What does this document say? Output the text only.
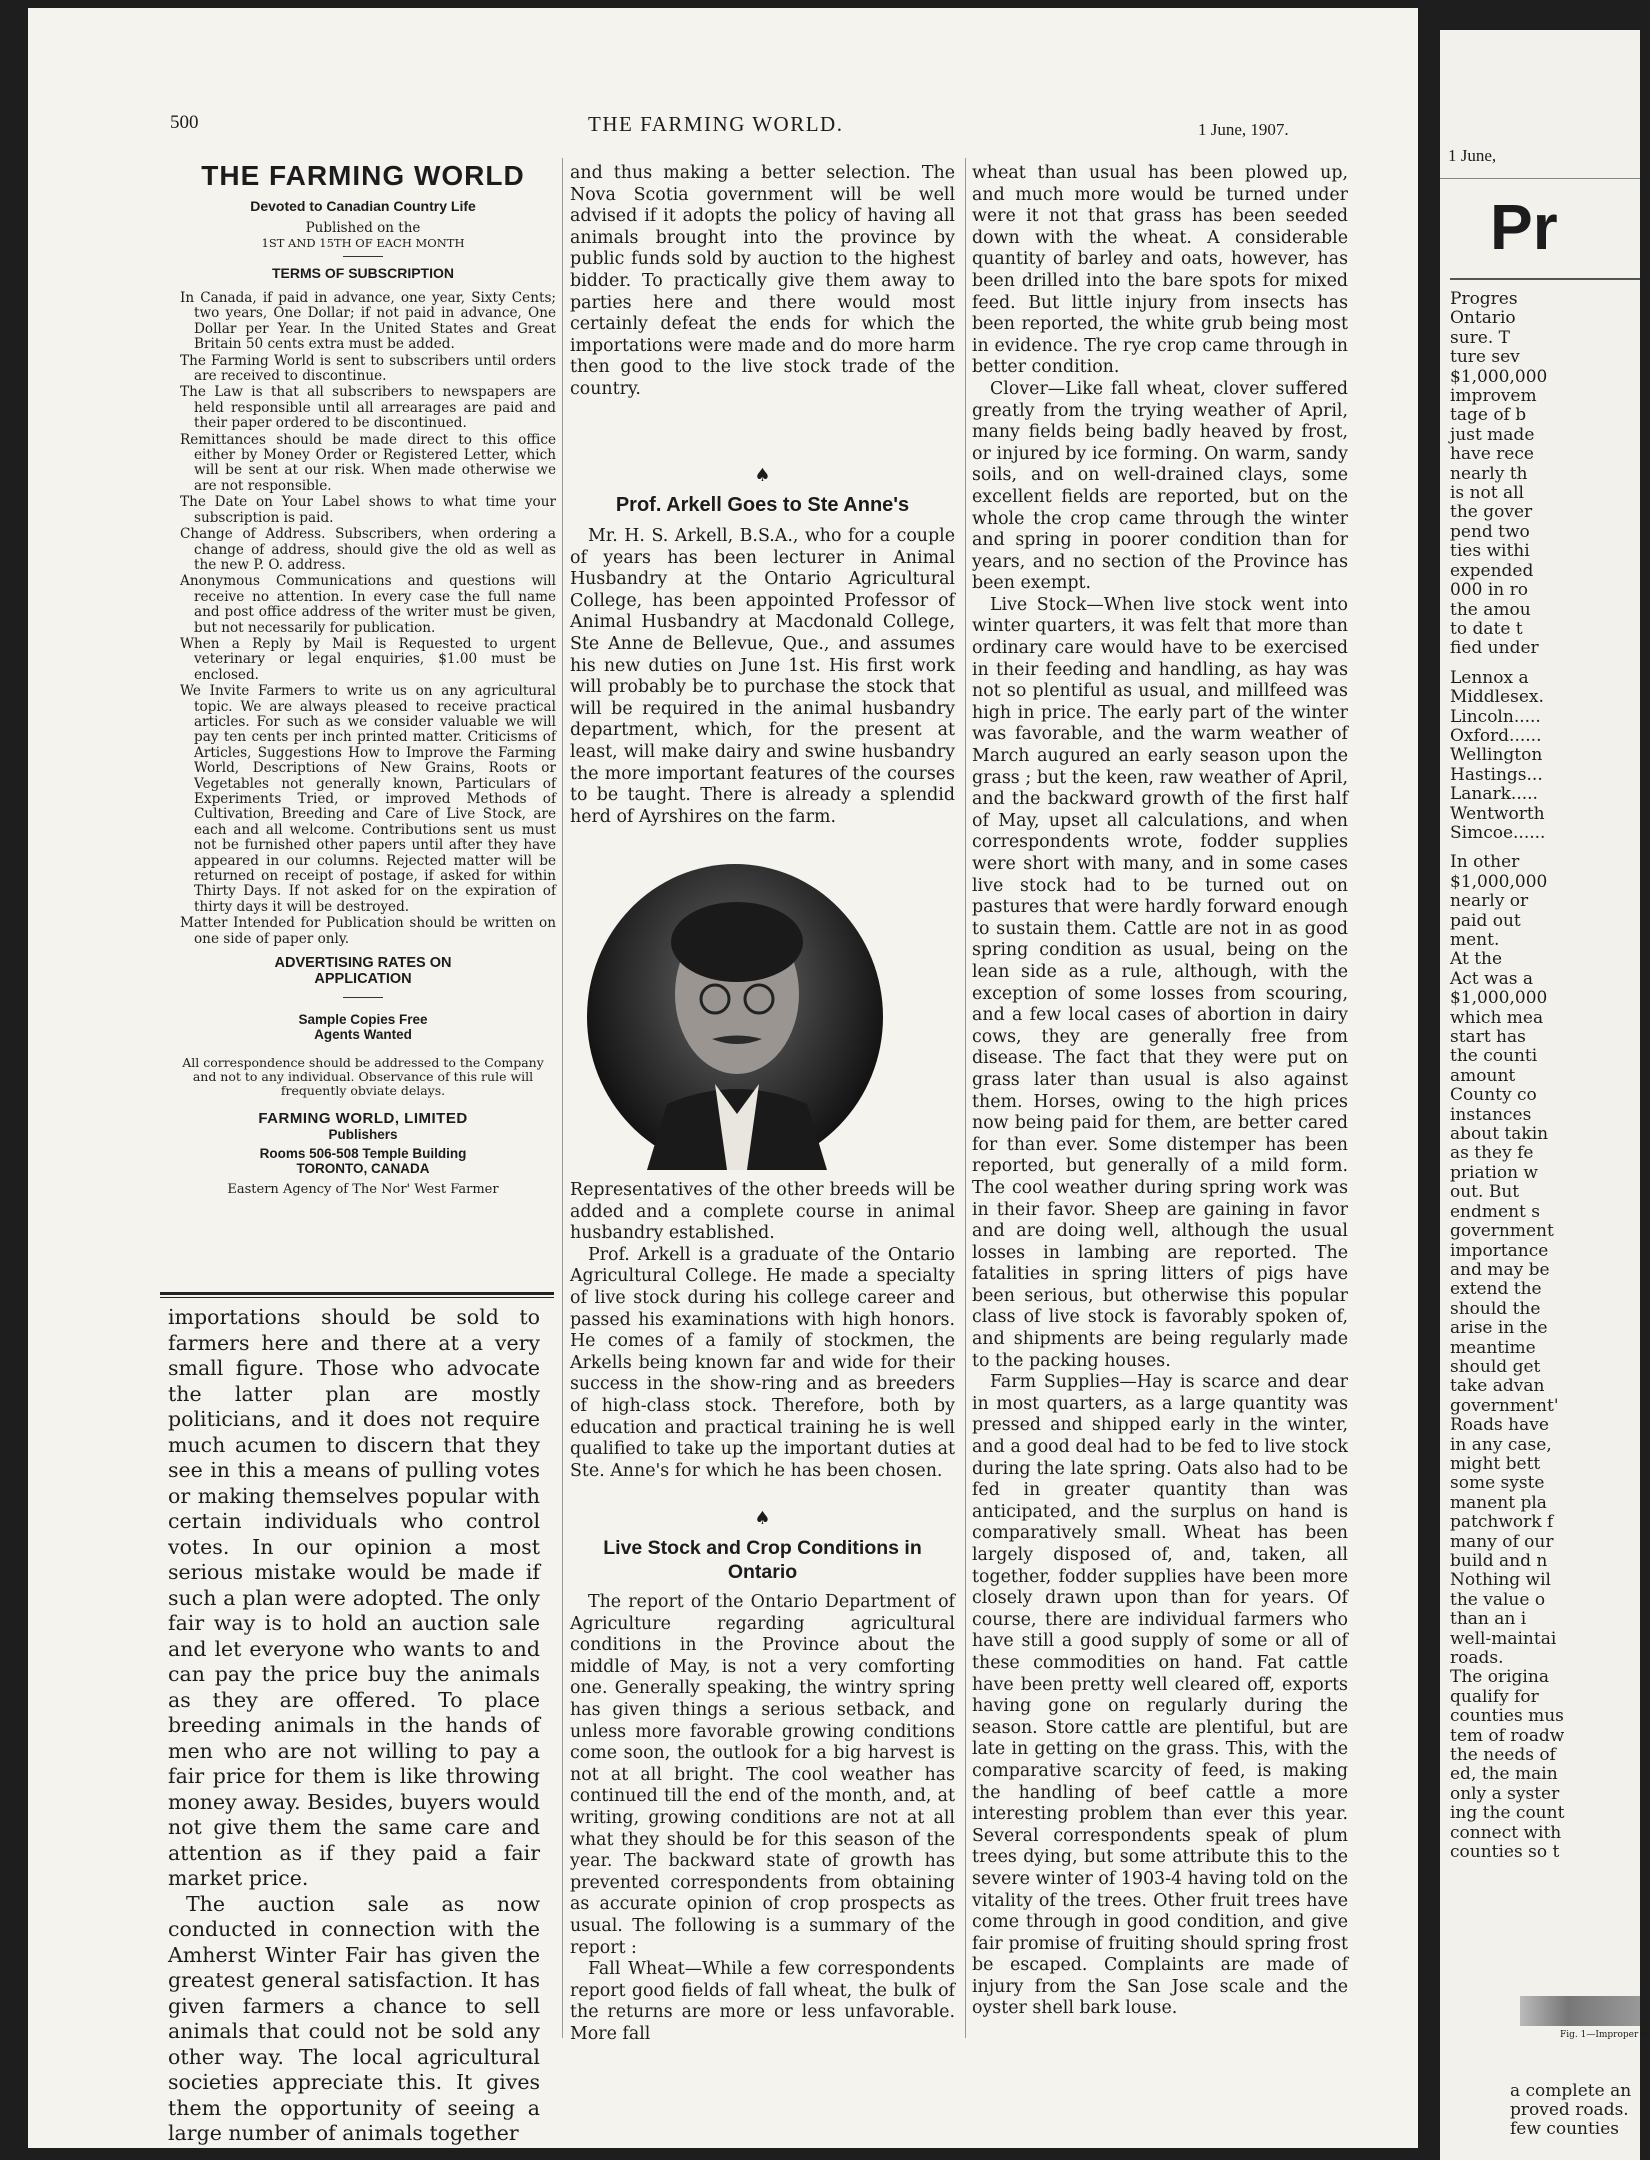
500	THE FARMING WORLD.	1 June, 1907.
THE FARMING WORLD
Devoted to Canadian Country Life
Published on the
1ST AND 15TH OF EACH MONTH
TERMS OF SUBSCRIPTION

In Canada, if paid in advance, one year, Sixty Cents; two years, One Dollar; if not paid in advance, One Dollar per Year. In the United States and Great Britain 50 cents extra must be added.

The Farming World is sent to subscribers until orders are received to discontinue.

The Law is that all subscribers to newspapers are held responsible until all arrearages are paid and their paper ordered to be discontinued.

Remittances should be made direct to this office either by Money Order or Registered Letter, which will be sent at our risk. When made otherwise we are not responsible.

The Date on Your Label shows to what time your subscription is paid.

Change of Address. Subscribers, when ordering a change of address, should give the old as well as the new P. O. address.

Anonymous Communications and questions will receive no attention. In every case the full name and post office address of the writer must be given, but not necessarily for publication.

When a Reply by Mail is Requested to urgent veterinary or legal enquiries, $1.00 must be enclosed.

We Invite Farmers to write us on any agricultural topic. We are always pleased to receive practical articles. For such as we consider valuable we will pay ten cents per inch printed matter. Criticisms of Articles, Suggestions How to Improve the Farming World, Descriptions of New Grains, Roots or Vegetables not generally known, Particulars of Experiments Tried, or improved Methods of Cultivation, Breeding and Care of Live Stock, are each and all welcome. Contributions sent us must not be furnished other papers until after they have appeared in our columns. Rejected matter will be returned on receipt of postage, if asked for within Thirty Days. If not asked for on the expiration of thirty days it will be destroyed.

Matter Intended for Publication should be written on one side of paper only.

ADVERTISING RATES ON
APPLICATION
Sample Copies Free
Agents Wanted
All correspondence should be addressed to the Company and not to any individual. Observance of this rule will frequently obviate delays.
FARMING WORLD, LIMITED
Publishers
Rooms 506-508 Temple Building
TORONTO, CANADA
Eastern Agency of The Nor' West Farmer

importations should be sold to farmers here and there at a very small figure. Those who advocate the latter plan are mostly politicians, and it does not require much acumen to discern that they see in this a means of pulling votes or making themselves popular with certain individuals who control votes. In our opinion a most serious mistake would be made if such a plan were adopted. The only fair way is to hold an auction sale and let everyone who wants to and can pay the price buy the animals as they are offered. To place breeding animals in the hands of men who are not willing to pay a fair price for them is like throwing money away. Besides, buyers would not give them the same care and attention as if they paid a fair market price.

The auction sale as now conducted in connection with the Amherst Winter Fair has given the greatest general satisfaction. It has given farmers a chance to sell animals that could not be sold any other way. The local agricultural societies appreciate this. It gives them the opportunity of seeing a large number of animals together

and thus making a better selection. The Nova Scotia government will be well advised if it adopts the policy of having all animals brought into the province by public funds sold by auction to the highest bidder. To practically give them away to parties here and there would most certainly defeat the ends for which the importations were made and do more harm then good to the live stock trade of the country.

♠
Prof. Arkell Goes to Ste Anne's

Mr. H. S. Arkell, B.S.A., who for a couple of years has been lecturer in Animal Husbandry at the Ontario Agricultural College, has been appointed Professor of Animal Husbandry at Macdonald College, Ste Anne de Bellevue, Que., and assumes his new duties on June 1st. His first work will probably be to purchase the stock that will be required in the animal husbandry department, which, for the present at least, will make dairy and swine husbandry the more important features of the courses to be taught. There is already a splendid herd of Ayrshires on the farm.

Representatives of the other breeds will be added and a complete course in animal husbandry established.

Prof. Arkell is a graduate of the Ontario Agricultural College. He made a specialty of live stock during his college career and passed his examinations with high honors. He comes of a family of stockmen, the Arkells being known far and wide for their success in the show-ring and as breeders of high-class stock. Therefore, both by education and practical training he is well qualified to take up the important duties at Ste. Anne's for which he has been chosen.

♠
Live Stock and Crop Conditions in
Ontario

The report of the Ontario Department of Agriculture regarding agricultural conditions in the Province about the middle of May, is not a very comforting one. Generally speaking, the wintry spring has given things a serious setback, and unless more favorable growing conditions come soon, the outlook for a big harvest is not at all bright. The cool weather has continued till the end of the month, and, at writing, growing conditions are not at all what they should be for this season of the year. The backward state of growth has prevented correspondents from obtaining as accurate opinion of crop prospects as usual. The following is a summary of the report :

Fall Wheat—While a few correspondents report good fields of fall wheat, the bulk of the returns are more or less unfavorable. More fall

wheat than usual has been plowed up, and much more would be turned under were it not that grass has been seeded down with the wheat. A considerable quantity of barley and oats, however, has been drilled into the bare spots for mixed feed. But little injury from insects has been reported, the white grub being most in evidence. The rye crop came through in better condition.

Clover—Like fall wheat, clover suffered greatly from the trying weather of April, many fields being badly heaved by frost, or injured by ice forming. On warm, sandy soils, and on well-drained clays, some excellent fields are reported, but on the whole the crop came through the winter and spring in poorer condition than for years, and no section of the Province has been exempt.

Live Stock—When live stock went into winter quarters, it was felt that more than ordinary care would have to be exercised in their feeding and handling, as hay was not so plentiful as usual, and millfeed was high in price. The early part of the winter was favorable, and the warm weather of March augured an early season upon the grass ; but the keen, raw weather of April, and the backward growth of the first half of May, upset all calculations, and when correspondents wrote, fodder supplies were short with many, and in some cases live stock had to be turned out on pastures that were hardly forward enough to sustain them. Cattle are not in as good spring condition as usual, being on the lean side as a rule, although, with the exception of some losses from scouring, and a few local cases of abortion in dairy cows, they are generally free from disease. The fact that they were put on grass later than usual is also against them. Horses, owing to the high prices now being paid for them, are better cared for than ever. Some distemper has been reported, but generally of a mild form. The cool weather during spring work was in their favor. Sheep are gaining in favor and are doing well, although the usual losses in lambing are reported. The fatalities in spring litters of pigs have been serious, but otherwise this popular class of live stock is favorably spoken of, and shipments are being regularly made to the packing houses.

Farm Supplies—Hay is scarce and dear in most quarters, as a large quantity was pressed and shipped early in the winter, and a good deal had to be fed to live stock during the late spring. Oats also had to be fed in greater quantity than was anticipated, and the surplus on hand is comparatively small. Wheat has been largely disposed of, and, taken, all together, fodder supplies have been more closely drawn upon than for years. Of course, there are individual farmers who have still a good supply of some or all of these commodities on hand. Fat cattle have been pretty well cleared off, exports having gone on regularly during the season. Store cattle are plentiful, but are late in getting on the grass. This, with the comparative scarcity of feed, is making the handling of beef cattle a more interesting problem than ever this year. Several correspondents speak of plum trees dying, but some attribute this to the severe winter of 1903-4 having told on the vitality of the trees. Other fruit trees have come through in good condition, and give fair promise of fruiting should spring frost be escaped. Complaints are made of injury from the San Jose scale and the oyster shell bark louse.

1 June,
Pr
Progres
Ontario
sure. T
ture sev
$1,000,000
improvem
tage of b
just made
have rece
nearly th
is not all
the gover
pend two
ties withi
expended
000 in ro
the amou
to date t
fied under
Lennox a
Middlesex.
Lincoln.....
Oxford......
Wellington
Hastings...
Lanark.....
Wentworth
Simcoe......
In other
$1,000,000
nearly or
paid out
ment.
At the
Act was a
$1,000,000
which mea
start has
the counti
amount
County co
instances
about takin
as they fe
priation w
out. But
endment s
government
importance
and may be
extend the
should the
arise in the
meantime
should get
take advan
government'
Roads have
in any case,
might bett
some syste
manent pla
patchwork f
many of our
build and n
Nothing wil
the value o
than an i
well-maintai
roads.
The origina
qualify for
counties mus
tem of roadw
the needs of
ed, the main
only a syster
ing the count
connect with
counties so t
Fig. 1—Improper m
a complete an
proved roads.
few counties
